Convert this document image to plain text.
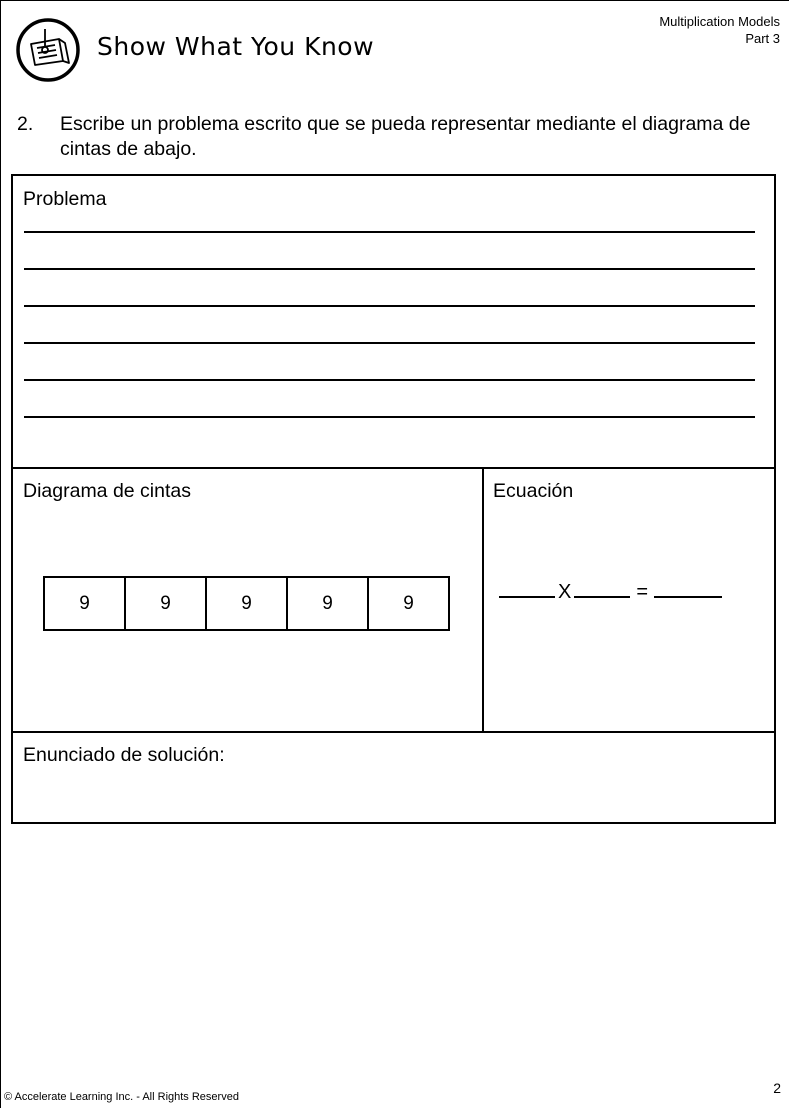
Show What You Know
Multiplication Models
Part 3
2. Escribe un problema escrito que se pueda representar mediante el diagrama de cintas de abajo.
Problema
Diagrama de cintas
9	9	9	9	9
Ecuación
X	=
Enunciado de solución:
© Accelerate Learning Inc. - All Rights Reserved
2
